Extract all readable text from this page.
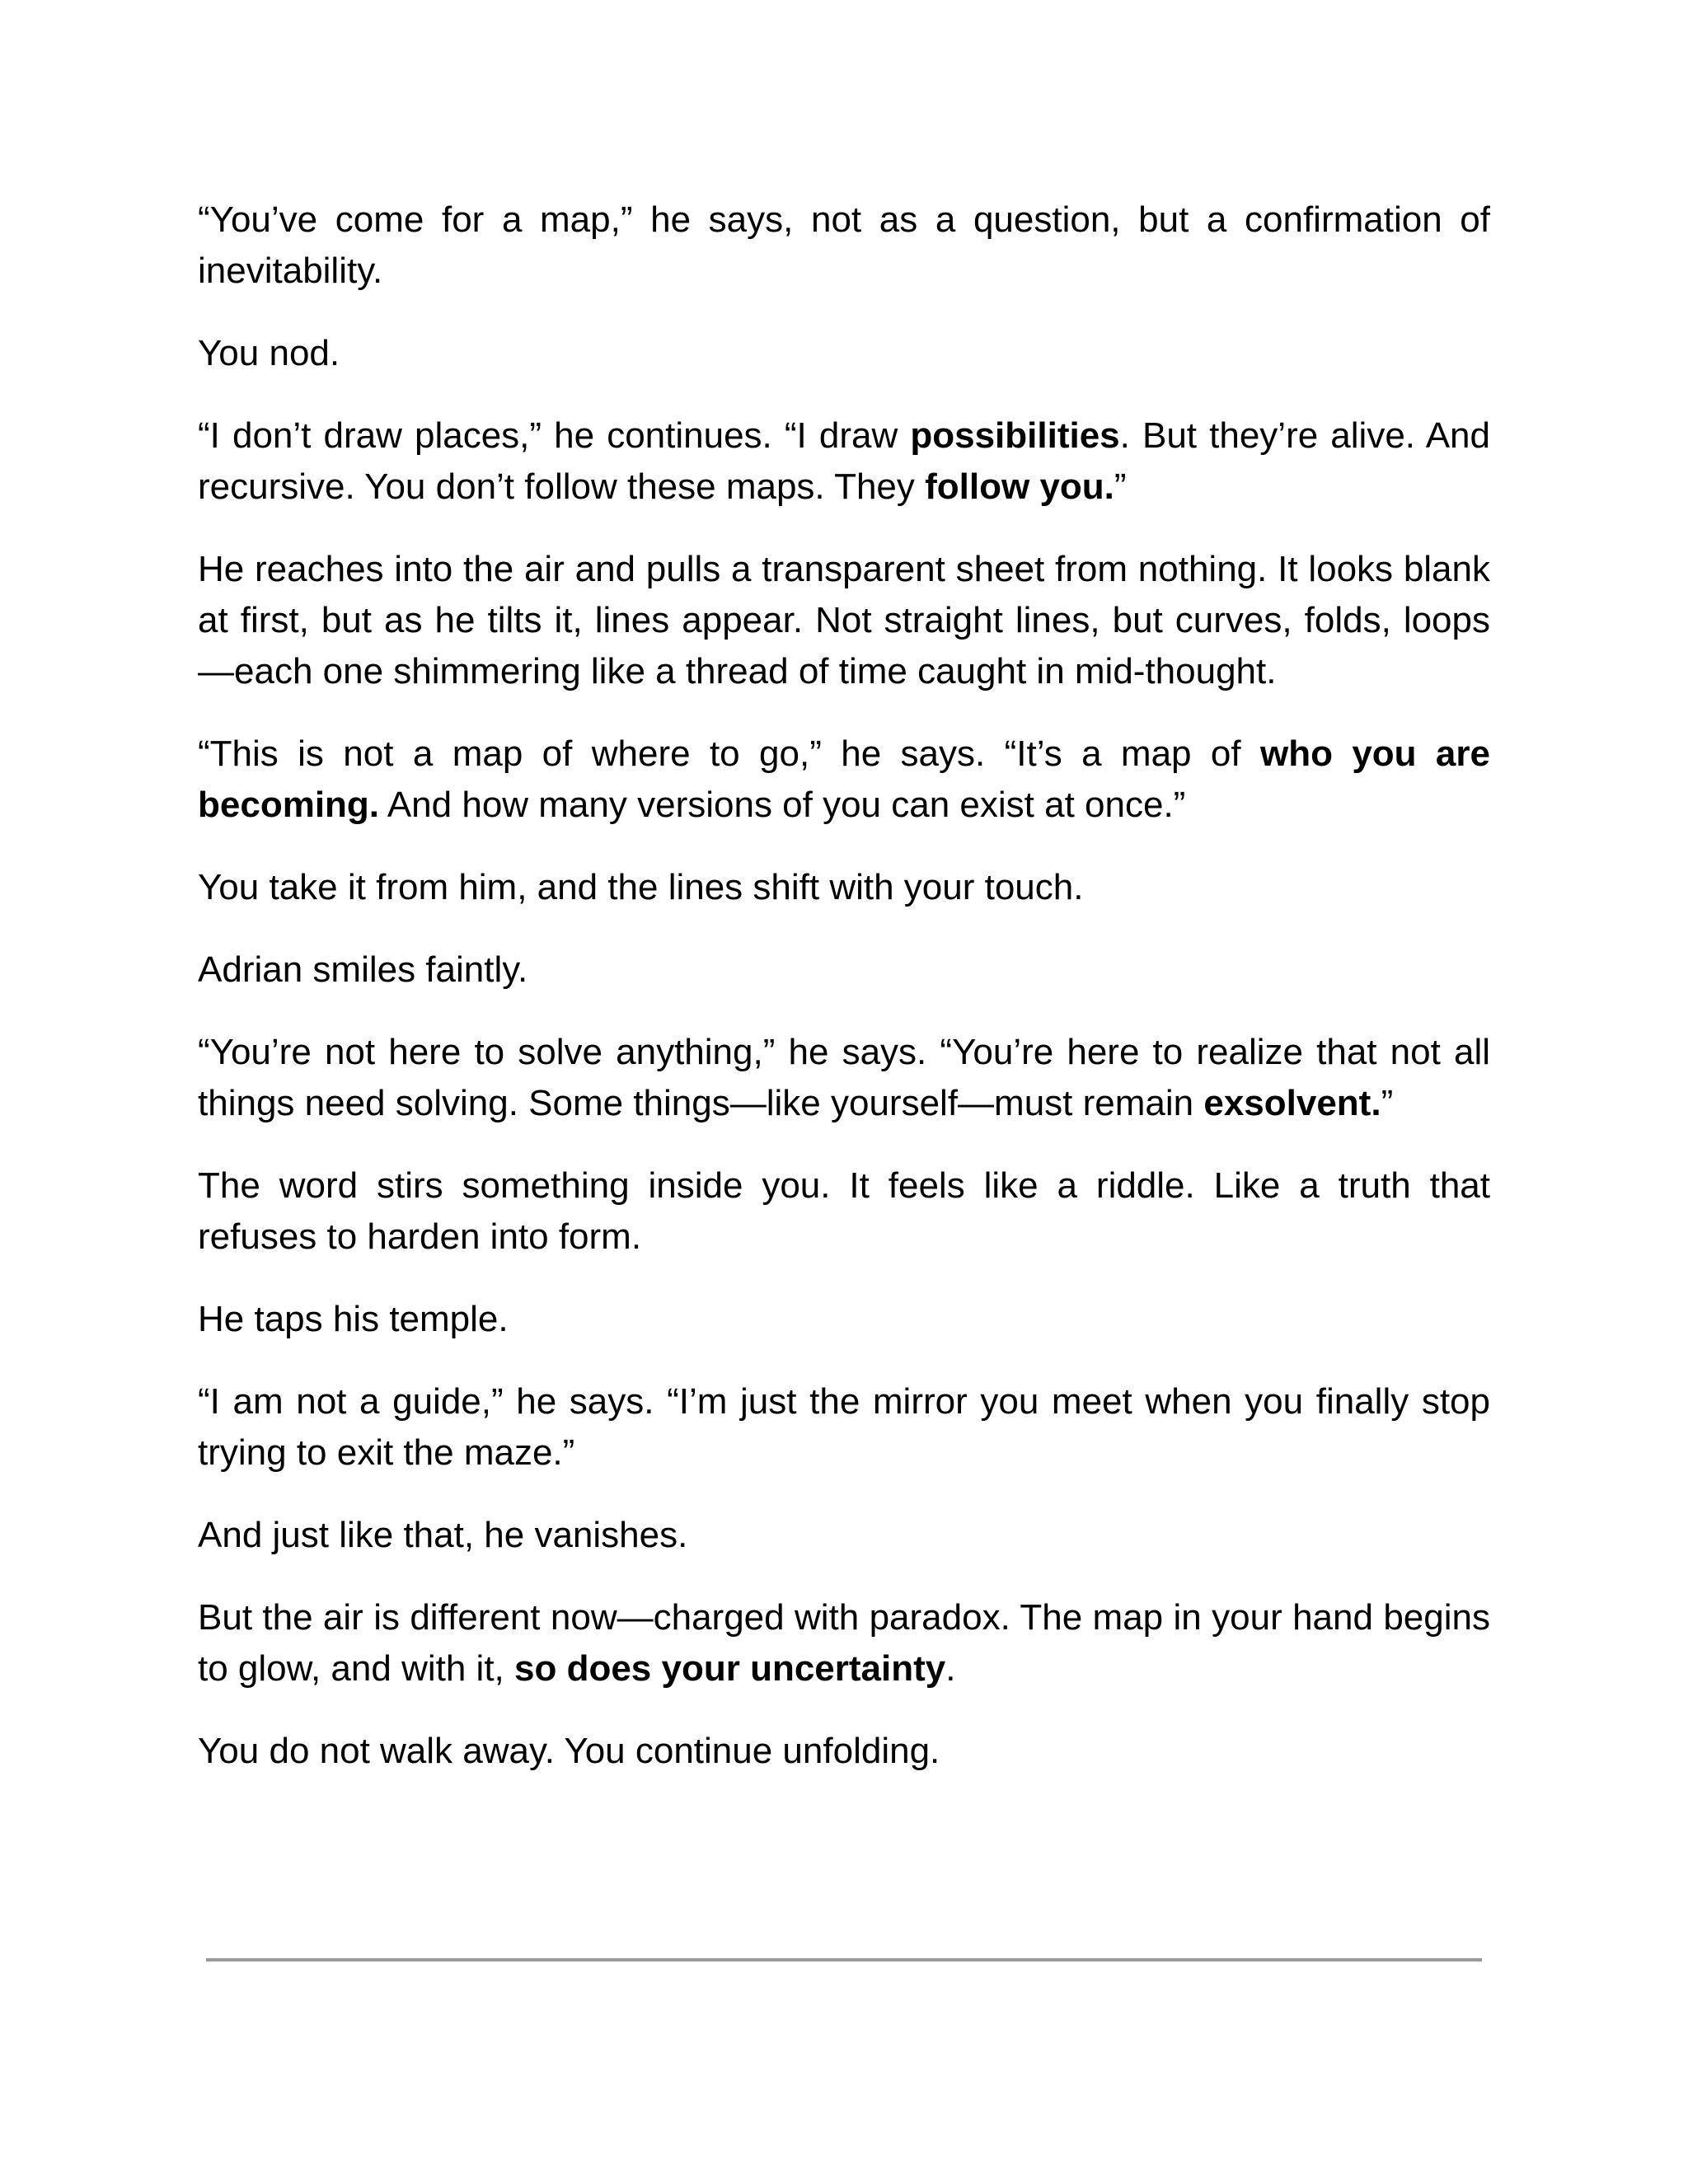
“You’ve come for a map,” he says, not as a question, but a confirmation of inevitability.

You nod.

“I don’t draw places,” he continues. “I draw possibilities. But they’re alive. And recursive. You don’t follow these maps. They follow you.”

He reaches into the air and pulls a transparent sheet from nothing. It looks blank at first, but as he tilts it, lines appear. Not straight lines, but curves, folds, loops—each one shimmering like a thread of time caught in mid-thought.

“This is not a map of where to go,” he says. “It’s a map of who you are becoming. And how many versions of you can exist at once.”

You take it from him, and the lines shift with your touch.

Adrian smiles faintly.

“You’re not here to solve anything,” he says. “You’re here to realize that not all things need solving. Some things—like yourself—must remain exsolvent.”

The word stirs something inside you. It feels like a riddle. Like a truth that refuses to harden into form.

He taps his temple.

“I am not a guide,” he says. “I’m just the mirror you meet when you finally stop trying to exit the maze.”

And just like that, he vanishes.

But the air is different now—charged with paradox. The map in your hand begins to glow, and with it, so does your uncertainty.

You do not walk away. You continue unfolding.
